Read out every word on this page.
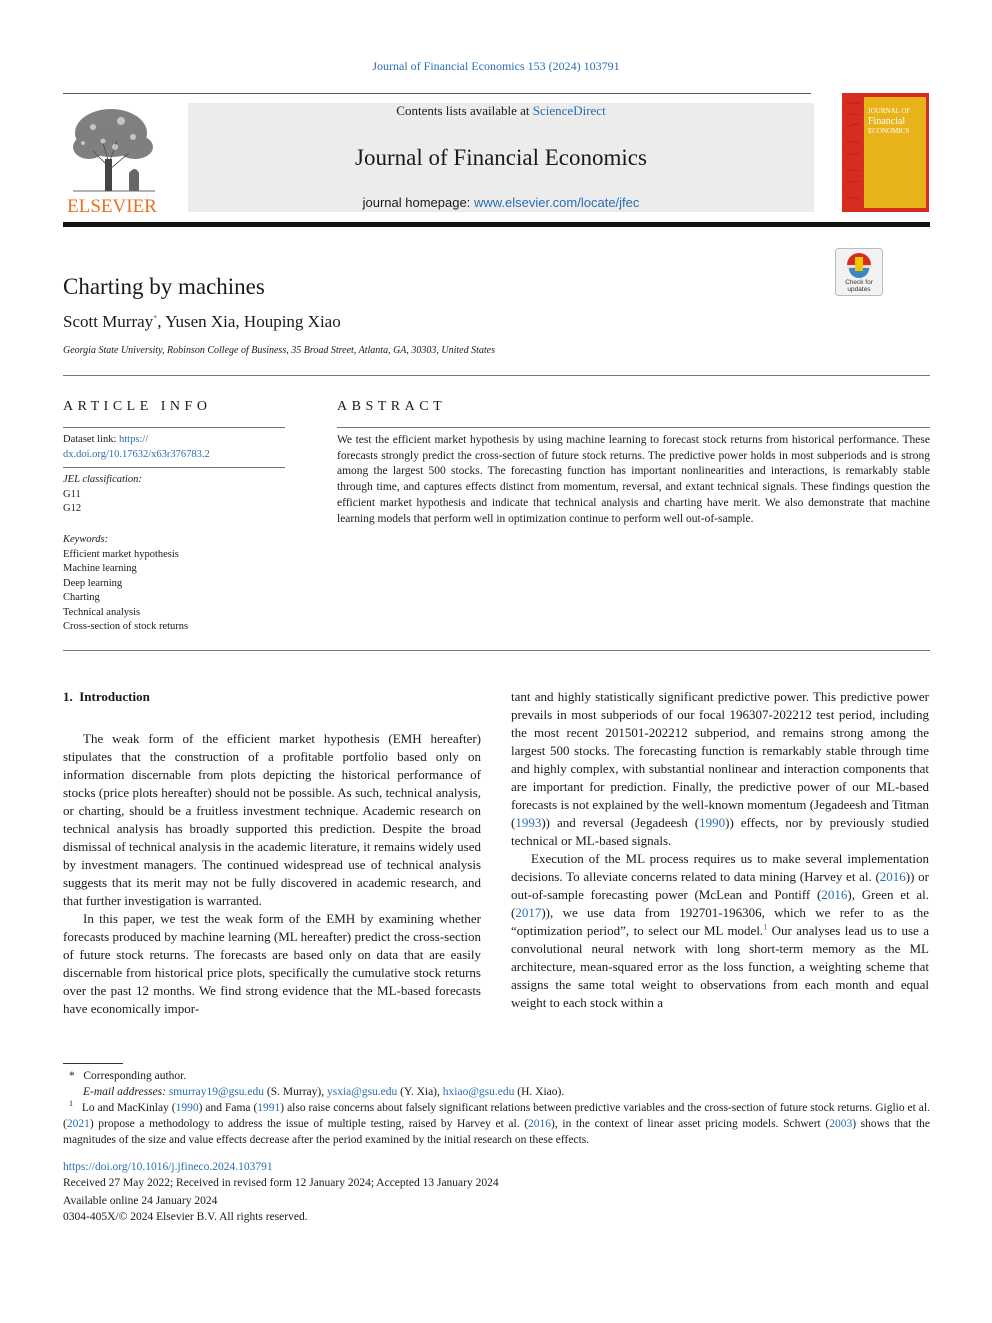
Journal of Financial Economics 153 (2024) 103791
ELSEVIER
Contents lists available at ScienceDirect
Journal of Financial Economics
journal homepage: www.elsevier.com/locate/jfec
JOURNAL OF
Financial
ECONOMICS
Charting by machines	Check for
updates
Scott Murray*, Yusen Xia, Houping Xiao
Georgia State University, Robinson College of Business, 35 Broad Street, Atlanta, GA, 30303, United States
ARTICLE INFO
Dataset link: https://
dx.doi.org/10.17632/x63r376783.2
JEL classification:
G11
G12
Keywords:
Efficient market hypothesis
Machine learning
Deep learning
Charting
Technical analysis
Cross-section of stock returns
ABSTRACT
We test the efficient market hypothesis by using machine learning to forecast stock returns from historical performance. These forecasts strongly predict the cross-section of future stock returns. The predictive power holds in most subperiods and is strong among the largest 500 stocks. The forecasting function has important nonlinearities and interactions, is remarkably stable through time, and captures effects distinct from momentum, reversal, and extant technical signals. These findings question the efficient market hypothesis and indicate that technical analysis and charting have merit. We also demonstrate that machine learning models that perform well in optimization continue to perform well out-of-sample.
1. Introduction

The weak form of the efficient market hypothesis (EMH hereafter) stipulates that the construction of a profitable portfolio based only on information discernable from plots depicting the historical performance of stocks (price plots hereafter) should not be possible. As such, technical analysis, or charting, should be a fruitless investment technique. Academic research on technical analysis has broadly supported this prediction. Despite the broad dismissal of technical analysis in the academic literature, it remains widely used by investment managers. The continued widespread use of technical analysis suggests that its merit may not be fully discovered in academic research, and that further investigation is warranted.

In this paper, we test the weak form of the EMH by examining whether forecasts produced by machine learning (ML hereafter) predict the cross-section of future stock returns. The forecasts are based only on data that are easily discernable from historical price plots, specifically the cumulative stock returns over the past 12 months. We find strong evidence that the ML-based forecasts have economically impor-

tant and highly statistically significant predictive power. This predictive power prevails in most subperiods of our focal 196307-202212 test period, including the most recent 201501-202212 subperiod, and remains strong among the largest 500 stocks. The forecasting function is remarkably stable through time and highly complex, with substantial nonlinear and interaction components that are important for prediction. Finally, the predictive power of our ML-based forecasts is not explained by the well-known momentum (Jegadeesh and Titman (1993)) and reversal (Jegadeesh (1990)) effects, nor by previously studied technical or ML-based signals.

Execution of the ML process requires us to make several implementation decisions. To alleviate concerns related to data mining (Harvey et al. (2016)) or out-of-sample forecasting power (McLean and Pontiff (2016), Green et al. (2017)), we use data from 192701-196306, which we refer to as the “optimization period”, to select our ML model.$^1$ Our analyses lead us to use a convolutional neural network with long short-term memory as the ML architecture, mean-squared error as the loss function, a weighting scheme that assigns the same total weight to observations from each month and equal weight to each stock within a

* Corresponding author.

E-mail addresses: smurray19@gsu.edu (S. Murray), ysxia@gsu.edu (Y. Xia), hxiao@gsu.edu (H. Xiao).

$^1$ Lo and MacKinlay (1990) and Fama (1991) also raise concerns about falsely significant relations between predictive variables and the cross-section of future stock returns. Giglio et al. (2021) propose a methodology to address the issue of multiple testing, raised by Harvey et al. (2016), in the context of linear asset pricing models. Schwert (2003) shows that the magnitudes of the size and value effects decrease after the period examined by the initial research on these effects.

https://doi.org/10.1016/j.jfineco.2024.103791
Received 27 May 2022; Received in revised form 12 January 2024; Accepted 13 January 2024
Available online 24 January 2024
0304-405X/© 2024 Elsevier B.V. All rights reserved.
